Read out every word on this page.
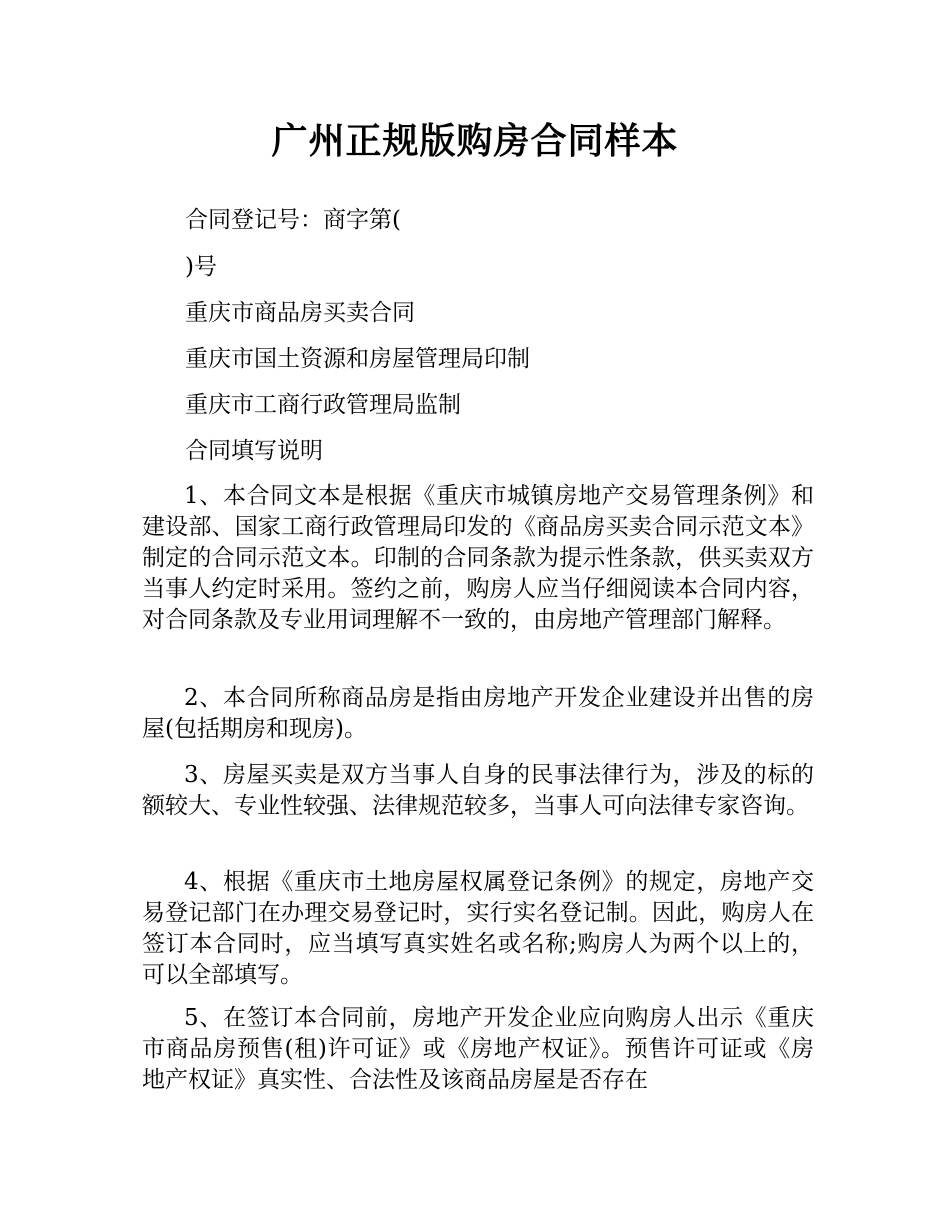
广州正规版购房合同样本

合同登记号：商字第(

)号

重庆市商品房买卖合同

重庆市国土资源和房屋管理局印制

重庆市工商行政管理局监制

合同填写说明

1、本合同文本是根据《重庆市城镇房地产交易管理条例》和建设部、国家工商行政管理局印发的《商品房买卖合同示范文本》制定的合同示范文本。印制的合同条款为提示性条款，供买卖双方当事人约定时采用。签约之前，购房人应当仔细阅读本合同内容，对合同条款及专业用词理解不一致的，由房地产管理部门解释。

2、本合同所称商品房是指由房地产开发企业建设并出售的房屋(包括期房和现房)。

3、房屋买卖是双方当事人自身的民事法律行为，涉及的标的额较大、专业性较强、法律规范较多，当事人可向法律专家咨询。

4、根据《重庆市土地房屋权属登记条例》的规定，房地产交易登记部门在办理交易登记时，实行实名登记制。因此，购房人在签订本合同时，应当填写真实姓名或名称;购房人为两个以上的，可以全部填写。

5、在签订本合同前，房地产开发企业应向购房人出示《重庆市商品房预售(租)许可证》或《房地产权证》。预售许可证或《房地产权证》真实性、合法性及该商品房屋是否存在
